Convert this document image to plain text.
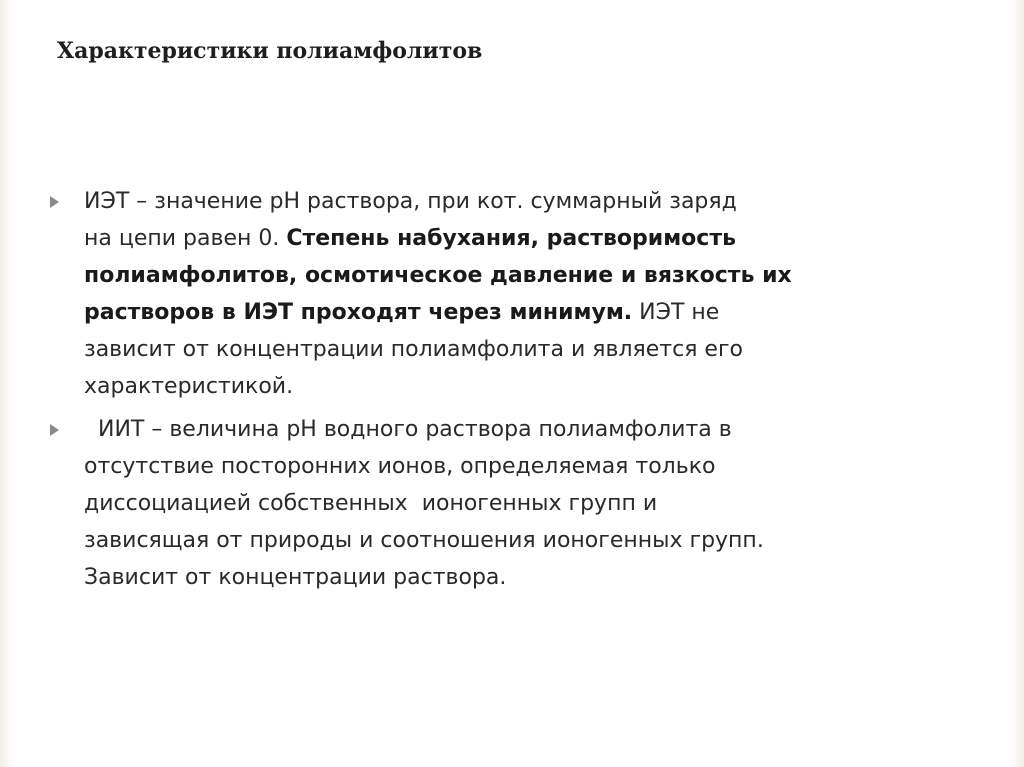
Характеристики полиамфолитов
ИЭТ – значение рН раствора, при кот. суммарный заряд
на цепи равен 0. Степень набухания, растворимость
полиамфолитов, осмотическое давление и вязкость их
растворов в ИЭТ проходят через минимум. ИЭТ не
зависит от концентрации полиамфолита и является его
характеристикой.
ИИТ – величина рН водного раствора полиамфолита в
отсутствие посторонних ионов, определяемая только
диссоциацией собственных  ионогенных групп и
зависящая от природы и соотношения ионогенных групп.
Зависит от концентрации раствора.
